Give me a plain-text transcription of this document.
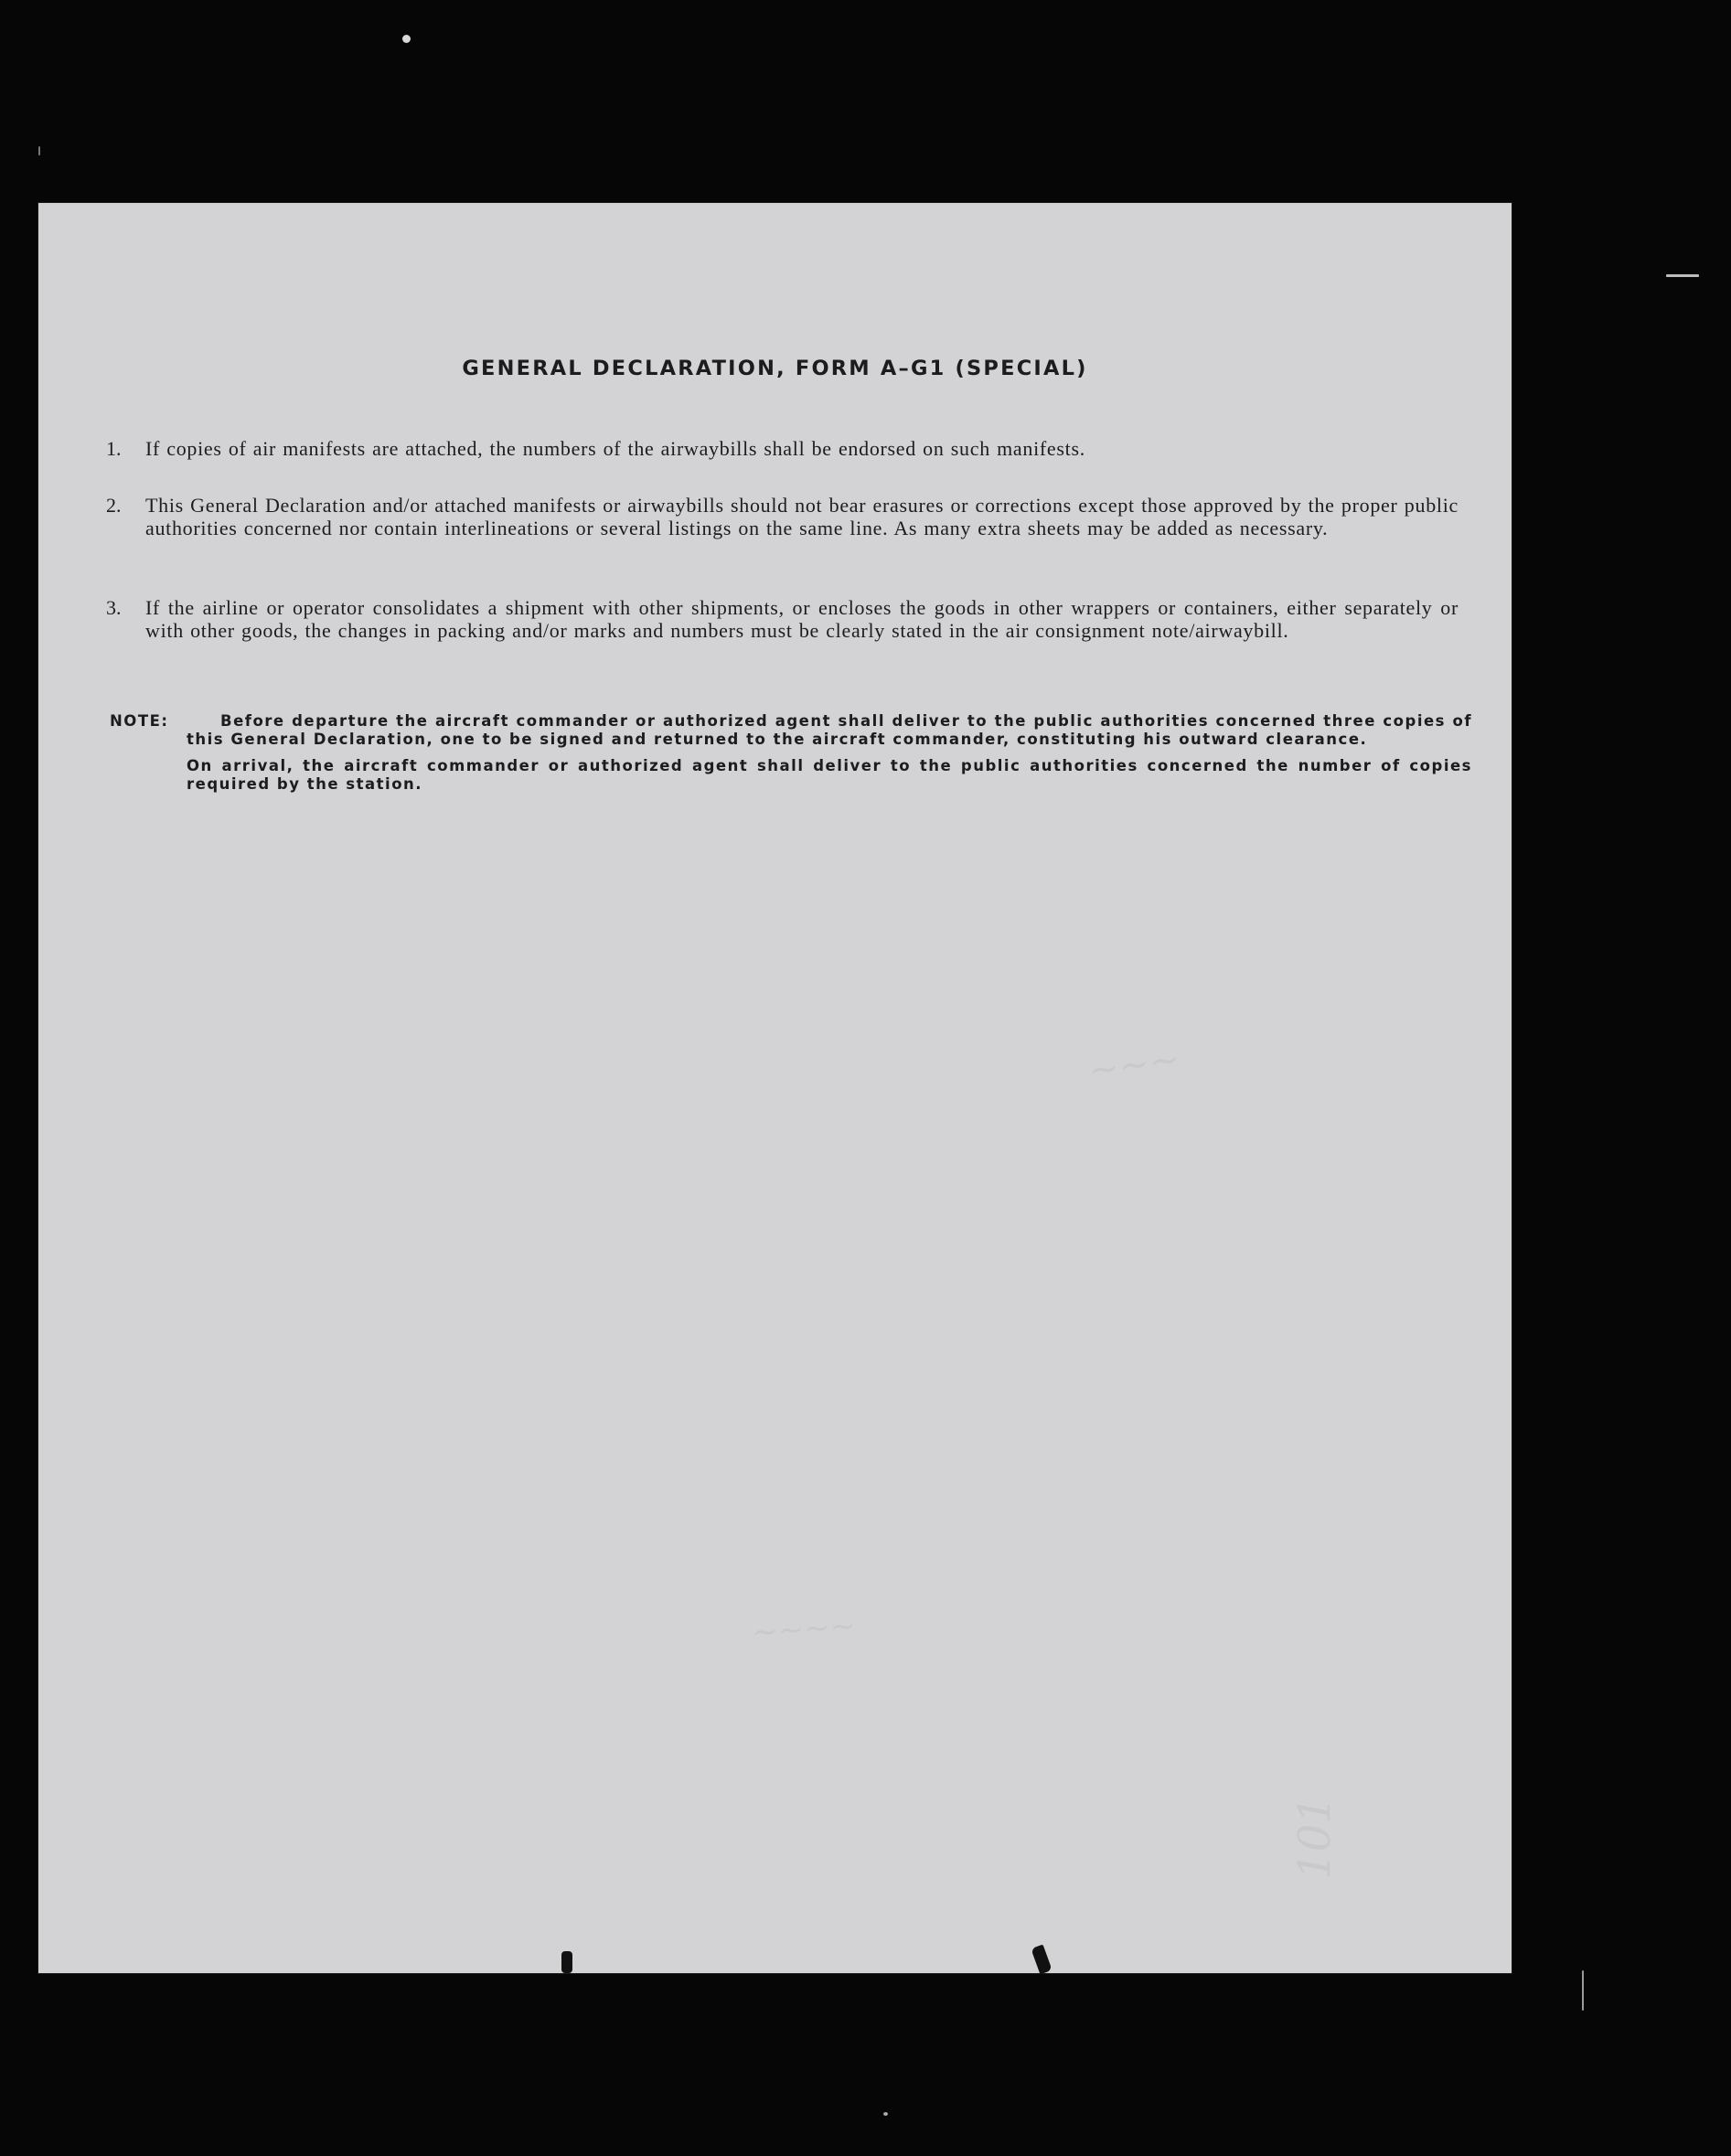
~~~
101
~~~~
GENERAL DECLARATION, FORM A–G1 (SPECIAL)
1.	If copies of air manifests are attached, the numbers of the airwaybills shall be endorsed on such manifests.
2.	This General Declaration and/or attached manifests or airwaybills should not bear erasures or corrections except those approved by the proper public authorities concerned nor contain interlineations or several listings on the same line. As many extra sheets may be added as necessary.
3.	If the airline or operator consolidates a shipment with other shipments, or encloses the goods in other wrappers or containers, either separately or with other goods, the changes in packing and/or marks and numbers must be clearly stated in the air consignment note/airwaybill.
NOTE:	Before departure the aircraft commander or authorized agent shall deliver to the public authorities concerned three copies of this General Declaration, one to be signed and returned to the aircraft commander, constituting his outward clearance.
On arrival, the aircraft commander or authorized agent shall deliver to the public authorities concerned the number of copies required by the station.
